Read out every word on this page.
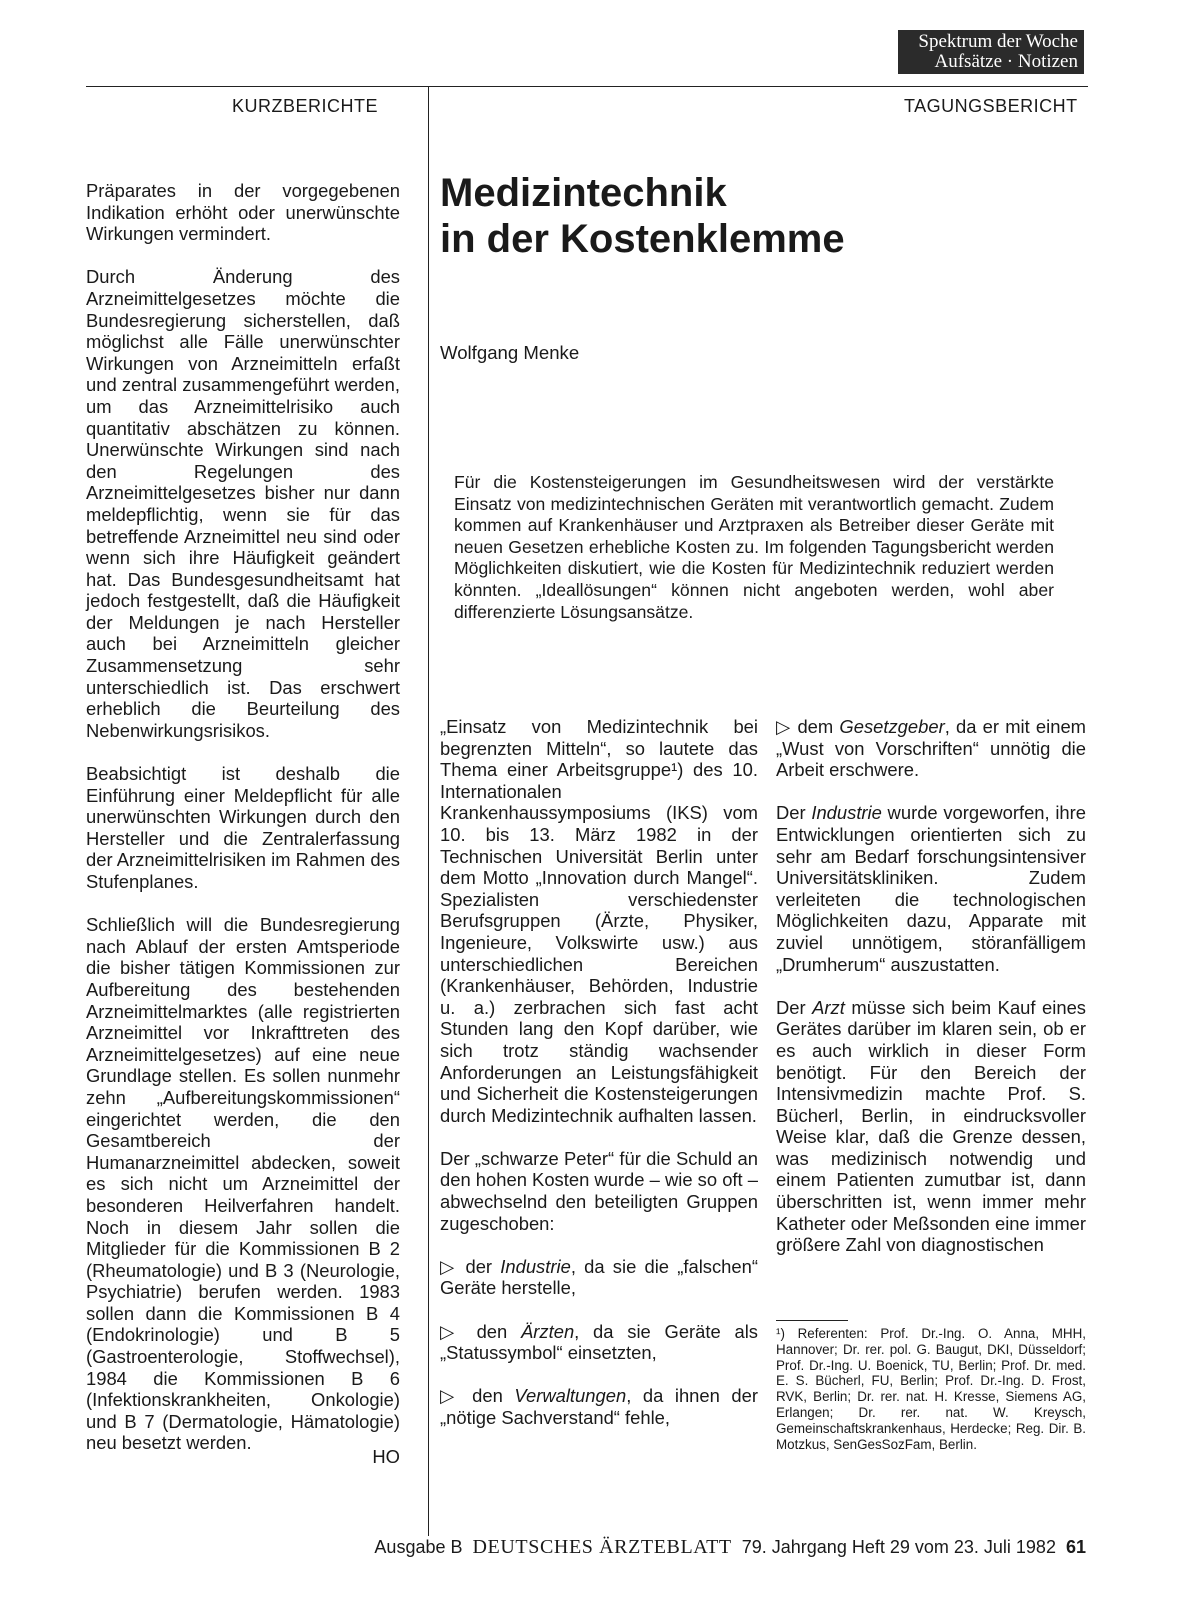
Spektrum der Woche
Aufsätze · Notizen
KURZBERICHTE	TAGUNGSBERICHT

Präparates in der vorgegebenen Indikation erhöht oder unerwünschte Wirkungen vermindert.

Durch Änderung des Arzneimittelgesetzes möchte die Bundesregierung sicherstellen, daß möglichst alle Fälle unerwünschter Wirkungen von Arzneimitteln erfaßt und zentral zusammengeführt werden, um das Arzneimittelrisiko auch quantitativ abschätzen zu können. Unerwünschte Wirkungen sind nach den Regelungen des Arzneimittelgesetzes bisher nur dann meldepflichtig, wenn sie für das betreffende Arzneimittel neu sind oder wenn sich ihre Häufigkeit geändert hat. Das Bundesgesundheitsamt hat jedoch festgestellt, daß die Häufigkeit der Meldungen je nach Hersteller auch bei Arzneimitteln gleicher Zusammensetzung sehr unterschiedlich ist. Das erschwert erheblich die Beurteilung des Nebenwirkungsrisikos.

Beabsichtigt ist deshalb die Einführung einer Meldepflicht für alle unerwünschten Wirkungen durch den Hersteller und die Zentralerfassung der Arzneimittelrisiken im Rahmen des Stufenplanes.

Schließlich will die Bundesregierung nach Ablauf der ersten Amtsperiode die bisher tätigen Kommissionen zur Aufbereitung des bestehenden Arzneimittelmarktes (alle registrierten Arzneimittel vor Inkrafttreten des Arzneimittelgesetzes) auf eine neue Grundlage stellen. Es sollen nunmehr zehn „Aufbereitungskommissionen“ eingerichtet werden, die den Gesamtbereich der Humanarzneimittel abdecken, soweit es sich nicht um Arzneimittel der besonderen Heilverfahren handelt. Noch in diesem Jahr sollen die Mitglieder für die Kommissionen B 2 (Rheumatologie) und B 3 (Neurologie, Psychiatrie) berufen werden. 1983 sollen dann die Kommissionen B 4 (Endokrinologie) und B 5 (Gastroenterologie, Stoffwechsel), 1984 die Kommissionen B 6 (Infektionskrankheiten, Onkologie) und B 7 (Dermatologie, Hämatologie) neu besetzt werden.

HO
Medizintechnik
in der Kostenklemme
Wolfgang Menke
Für die Kostensteigerungen im Gesundheitswesen wird der verstärkte Einsatz von medizintechnischen Geräten mit verantwortlich gemacht. Zudem kommen auf Krankenhäuser und Arztpraxen als Betreiber dieser Geräte mit neuen Gesetzen erhebliche Kosten zu. Im folgenden Tagungsbericht werden Möglichkeiten diskutiert, wie die Kosten für Medizintechnik reduziert werden könnten. „Ideallösungen“ können nicht angeboten werden, wohl aber differenzierte Lösungsansätze.

„Einsatz von Medizintechnik bei begrenzten Mitteln“, so lautete das Thema einer Arbeitsgruppe¹) des 10. Internationalen Krankenhaussymposiums (IKS) vom 10. bis 13. März 1982 in der Technischen Universität Berlin unter dem Motto „Innovation durch Mangel“. Spezialisten verschiedenster Berufsgruppen (Ärzte, Physiker, Ingenieure, Volkswirte usw.) aus unterschiedlichen Bereichen (Krankenhäuser, Behörden, Industrie u. a.) zerbrachen sich fast acht Stunden lang den Kopf darüber, wie sich trotz ständig wachsender Anforderungen an Leistungsfähigkeit und Sicherheit die Kostensteigerungen durch Medizintechnik aufhalten lassen.

Der „schwarze Peter“ für die Schuld an den hohen Kosten wurde – wie so oft – abwechselnd den beteiligten Gruppen zugeschoben:

▷ der Industrie, da sie die „falschen“ Geräte herstelle,

▷ den Ärzten, da sie Geräte als „Statussymbol“ einsetzten,

▷ den Verwaltungen, da ihnen der „nötige Sachverstand“ fehle,

▷ dem Gesetzgeber, da er mit einem „Wust von Vorschriften“ unnötig die Arbeit erschwere.

Der Industrie wurde vorgeworfen, ihre Entwicklungen orientierten sich zu sehr am Bedarf forschungsintensiver Universitätskliniken. Zudem verleiteten die technologischen Möglichkeiten dazu, Apparate mit zuviel unnötigem, störanfälligem „Drumherum“ auszustatten.

Der Arzt müsse sich beim Kauf eines Gerätes darüber im klaren sein, ob er es auch wirklich in dieser Form benötigt. Für den Bereich der Intensivmedizin machte Prof. S. Bücherl, Berlin, in eindrucksvoller Weise klar, daß die Grenze dessen, was medizinisch notwendig und einem Patienten zumutbar ist, dann überschritten ist, wenn immer mehr Katheter oder Meßsonden eine immer größere Zahl von diagnostischen

¹) Referenten: Prof. Dr.-Ing. O. Anna, MHH, Hannover; Dr. rer. pol. G. Baugut, DKI, Düsseldorf; Prof. Dr.-Ing. U. Boenick, TU, Berlin; Prof. Dr. med. E. S. Bücherl, FU, Berlin; Prof. Dr.-Ing. D. Frost, RVK, Berlin; Dr. rer. nat. H. Kresse, Siemens AG, Erlangen; Dr. rer. nat. W. Kreysch, Gemeinschaftskrankenhaus, Herdecke; Reg. Dir. B. Motzkus, SenGesSozFam, Berlin.
Ausgabe B DEUTSCHES ÄRZTEBLATT 79. Jahrgang Heft 29 vom 23. Juli 1982 61
